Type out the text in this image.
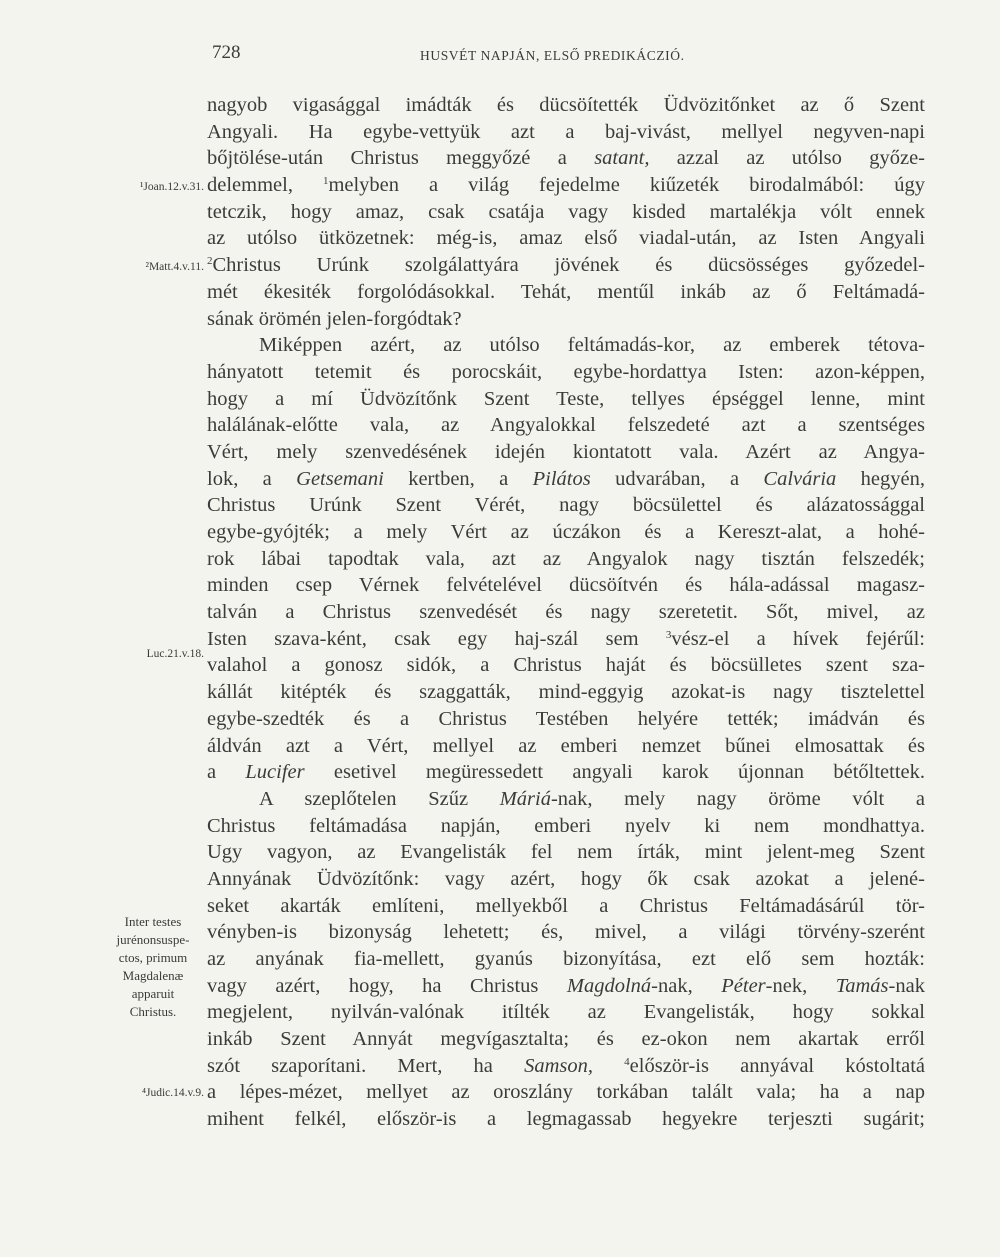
728	HUSVÉT NAPJÁN, ELSŐ PREDIKÁCZIÓ.
¹Joan.12.v.31.
²Matt.4.v.11.
Luc.21.v.18.
⁴Judic.14.v.9.
Inter testes
jurénonsuspe-
ctos, primum
Magdalenæ
apparuit
Christus.
nagyob vigasággal imádták és dücsöítették Üdvözitőnket az ő Szent
Angyali. Ha egybe-vettyük azt a baj-vivást, mellyel negyven-napi
bőjtölése-után Christus meggyőzé a satant, azzal az utólso győze-
delemmel, $^1$melyben a világ fejedelme kiűzeték birodalmából: úgy
tetczik, hogy amaz, csak csatája vagy kisded martalékja vólt ennek
az utólso ütközetnek: még-is, amaz első viadal-után, az Isten Angyali
$^2$Christus Urúnk szolgálattyára jövének és dücsösséges győzedel-
mét ékesiték forgolódásokkal. Tehát, mentűl inkáb az ő Feltámadá-
sának örömén jelen-forgódtak?
Miképpen azért, az utólso feltámadás-kor, az emberek tétova-
hányatott tetemit és porocskáit, egybe-hordattya Isten: azon-képpen,
hogy a mí Üdvözítőnk Szent Teste, tellyes épséggel lenne, mint
halálának-előtte vala, az Angyalokkal felszedeté azt a szentséges
Vért, mely szenvedésének idején kiontatott vala. Azért az Angya-
lok, a Getsemani kertben, a Pilátos udvarában, a Calvária hegyén,
Christus Urúnk Szent Vérét, nagy böcsülettel és alázatossággal
egybe-gyójték; a mely Vért az úczákon és a Kereszt-alat, a hohé-
rok lábai tapodtak vala, azt az Angyalok nagy tisztán felszedék;
minden csep Vérnek felvételével dücsöítvén és hála-adással magasz-
talván a Christus szenvedését és nagy szeretetit. Sőt, mivel, az
Isten szava-ként, csak egy haj-szál sem $^3$vész-el a hívek fejérűl:
valahol a gonosz sidók, a Christus haját és böcsülletes szent sza-
kállát kitépték és szaggatták, mind-eggyig azokat-is nagy tisztelettel
egybe-szedték és a Christus Testében helyére tették; imádván és
áldván azt a Vért, mellyel az emberi nemzet bűnei elmosattak és
a Lucifer esetivel megüressedett angyali karok újonnan bétőltettek.
A szeplőtelen Szűz Máriá-nak, mely nagy öröme vólt a
Christus feltámadása napján, emberi nyelv ki nem mondhattya.
Ugy vagyon, az Evangelisták fel nem írták, mint jelent-meg Szent
Annyának Üdvözítőnk: vagy azért, hogy ők csak azokat a jelené-
seket akarták említeni, mellyekből a Christus Feltámadásárúl tör-
vényben-is bizonyság lehetett; és, mivel, a világi törvény-szerént
az anyának fia-mellett, gyanús bizonyítása, ezt elő sem hozták:
vagy azért, hogy, ha Christus Magdolná-nak, Péter-nek, Tamás-nak
megjelent, nyilván-valónak itílték az Evangelisták, hogy sokkal
inkáb Szent Annyát megvígasztalta; és ez-okon nem akartak erről
szót szaporítani. Mert, ha Samson,	$^4$először-is annyával kóstoltatá
a lépes-mézet, mellyet az oroszlány torkában talált vala; ha a nap
mihent felkél, először-is a legmagassab hegyekre terjeszti sugárit;
